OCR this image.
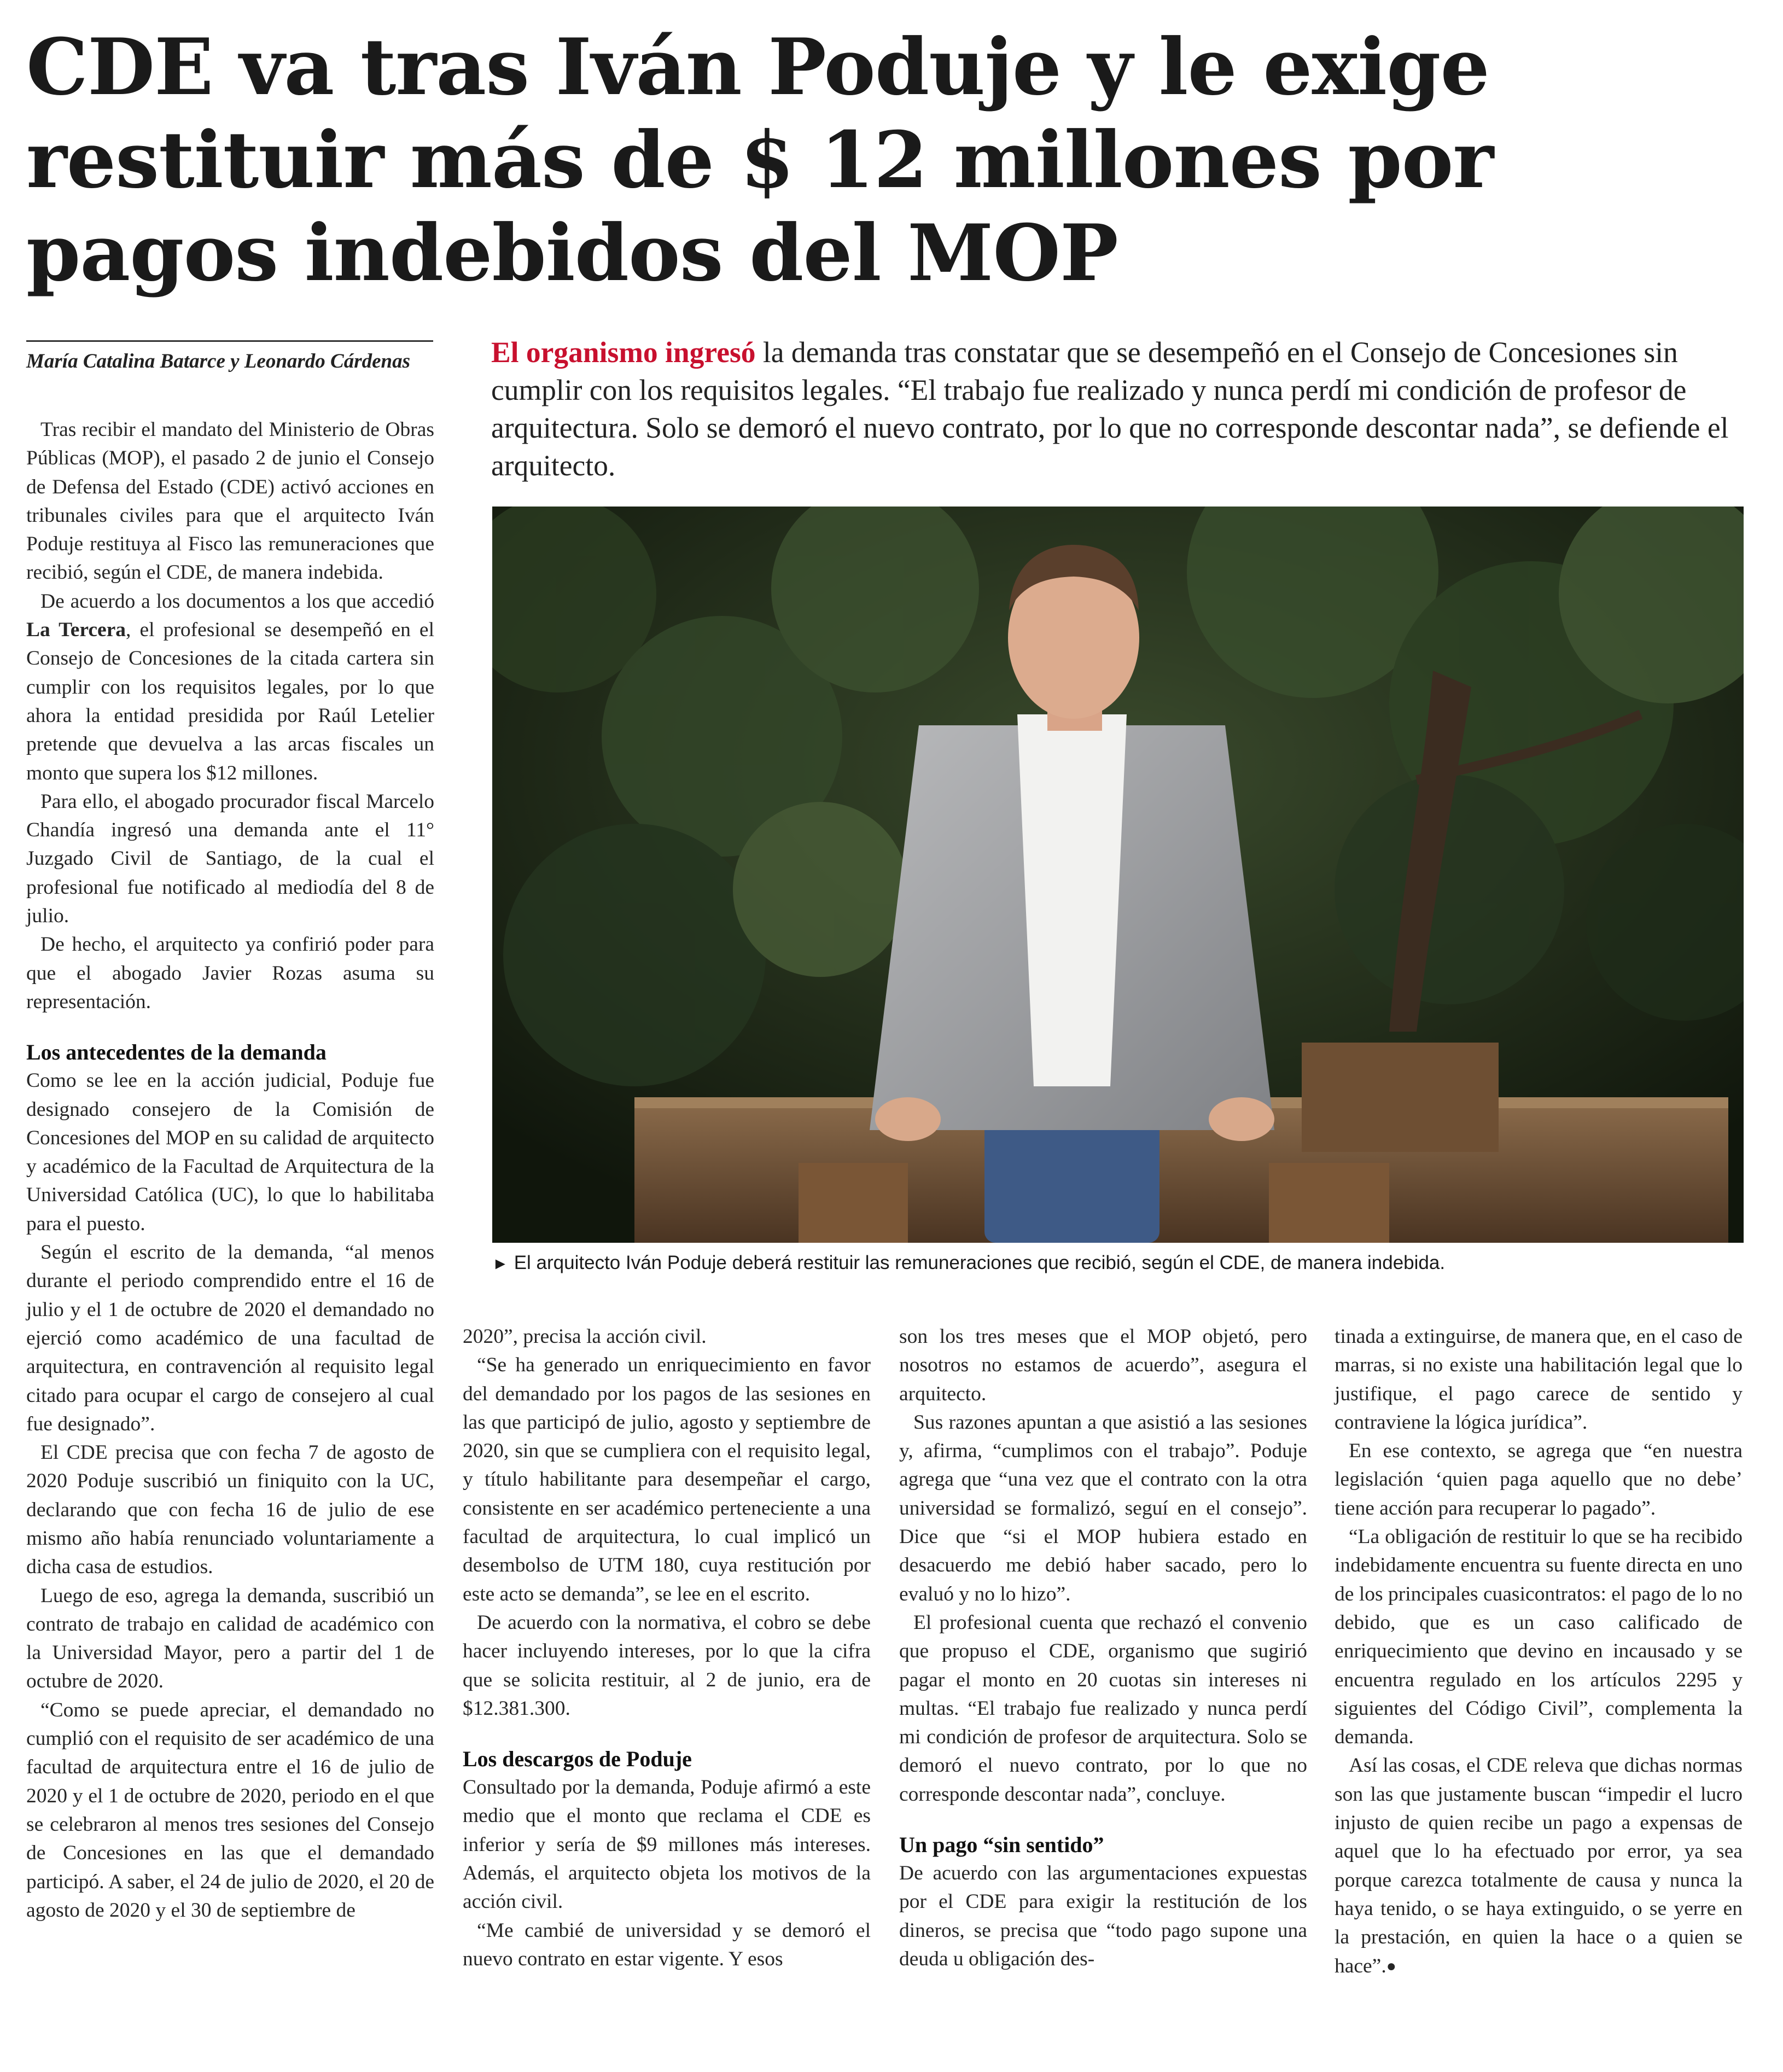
CDE va tras Iván Poduje y le exige restituir más de $ 12 millones por pagos indebidos del MOP
María Catalina Batarce y Leonardo Cárdenas	El organismo ingresó la demanda tras constatar que se desempeñó en el Consejo de Concesiones sin cumplir con los requisitos legales. “El trabajo fue realizado y nunca perdí mi condición de profesor de arquitectura. Solo se demoró el nuevo contrato, por lo que no corresponde descontar nada”, se defiende el arquitecto.
► El arquitecto Iván Poduje deberá restituir las remuneraciones que recibió, según el CDE, de manera indebida.

Tras recibir el mandato del Ministerio de Obras Públicas (MOP), el pasado 2 de junio el Consejo de Defensa del Estado (CDE) activó acciones en tribunales civiles para que el arquitecto Iván Poduje restituya al Fisco las remuneraciones que recibió, según el CDE, de manera indebida.

De acuerdo a los documentos a los que accedió La Tercera, el profesional se desempeñó en el Consejo de Concesiones de la citada cartera sin cumplir con los requisitos legales, por lo que ahora la entidad presidida por Raúl Letelier pretende que devuelva a las arcas fiscales un monto que supera los $12 millones.

Para ello, el abogado procurador fiscal Marcelo Chandía ingresó una demanda ante el 11° Juzgado Civil de Santiago, de la cual el profesional fue notificado al mediodía del 8 de julio.

De hecho, el arquitecto ya confirió poder para que el abogado Javier Rozas asuma su representación.

Los antecedentes de la demanda

Como se lee en la acción judicial, Poduje fue designado consejero de la Comisión de Concesiones del MOP en su calidad de arquitecto y académico de la Facultad de Arquitectura de la Universidad Católica (UC), lo que lo habilitaba para el puesto.

Según el escrito de la demanda, “al menos durante el periodo comprendido entre el 16 de julio y el 1 de octubre de 2020 el demandado no ejerció como académico de una facultad de arquitectura, en contravención al requisito legal citado para ocupar el cargo de consejero al cual fue designado”.

El CDE precisa que con fecha 7 de agosto de 2020 Poduje suscribió un finiquito con la UC, declarando que con fecha 16 de julio de ese mismo año había renunciado voluntariamente a dicha casa de estudios.

Luego de eso, agrega la demanda, suscribió un contrato de trabajo en calidad de académico con la Universidad Mayor, pero a partir del 1 de octubre de 2020.

“Como se puede apreciar, el demandado no cumplió con el requisito de ser académico de una facultad de arquitectura entre el 16 de julio de 2020 y el 1 de octubre de 2020, periodo en el que se celebraron al menos tres sesiones del Consejo de Concesiones en las que el demandado participó. A saber, el 24 de julio de 2020, el 20 de agosto de 2020 y el 30 de septiembre de

2020”, precisa la acción civil.

“Se ha generado un enriquecimiento en favor del demandado por los pagos de las sesiones en las que participó de julio, agosto y septiembre de 2020, sin que se cumpliera con el requisito legal, y título habilitante para desempeñar el cargo, consistente en ser académico perteneciente a una facultad de arquitectura, lo cual implicó un desembolso de UTM 180, cuya restitución por este acto se demanda”, se lee en el escrito.

De acuerdo con la normativa, el cobro se debe hacer incluyendo intereses, por lo que la cifra que se solicita restituir, al 2 de junio, era de $12.381.300.

Los descargos de Poduje

Consultado por la demanda, Poduje afirmó a este medio que el monto que reclama el CDE es inferior y sería de $9 millones más intereses. Además, el arquitecto objeta los motivos de la acción civil.

“Me cambié de universidad y se demoró el nuevo contrato en estar vigente. Y esos

son los tres meses que el MOP objetó, pero nosotros no estamos de acuerdo”, asegura el arquitecto.

Sus razones apuntan a que asistió a las sesiones y, afirma, “cumplimos con el trabajo”. Poduje agrega que “una vez que el contrato con la otra universidad se formalizó, seguí en el consejo”. Dice que “si el MOP hubiera estado en desacuerdo me debió haber sacado, pero lo evaluó y no lo hizo”.

El profesional cuenta que rechazó el convenio que propuso el CDE, organismo que sugirió pagar el monto en 20 cuotas sin intereses ni multas. “El trabajo fue realizado y nunca perdí mi condición de profesor de arquitectura. Solo se demoró el nuevo contrato, por lo que no corresponde descontar nada”, concluye.

Un pago “sin sentido”

De acuerdo con las argumentaciones expuestas por el CDE para exigir la restitución de los dineros, se precisa que “todo pago supone una deuda u obligación des-

tinada a extinguirse, de manera que, en el caso de marras, si no existe una habilitación legal que lo justifique, el pago carece de sentido y contraviene la lógica jurídica”.

En ese contexto, se agrega que “en nuestra legislación ‘quien paga aquello que no debe’ tiene acción para recuperar lo pagado”.

“La obligación de restituir lo que se ha recibido indebidamente encuentra su fuente directa en uno de los principales cuasicontratos: el pago de lo no debido, que es un caso calificado de enriquecimiento que devino en incausado y se encuentra regulado en los artículos 2295 y siguientes del Código Civil”, complementa la demanda.

Así las cosas, el CDE releva que dichas normas son las que justamente buscan “impedir el lucro injusto de quien recibe un pago a expensas de aquel que lo ha efectuado por error, ya sea porque carezca totalmente de causa y nunca la haya tenido, o se haya extinguido, o se yerre en la prestación, en quien la hace o a quien se hace”.●
